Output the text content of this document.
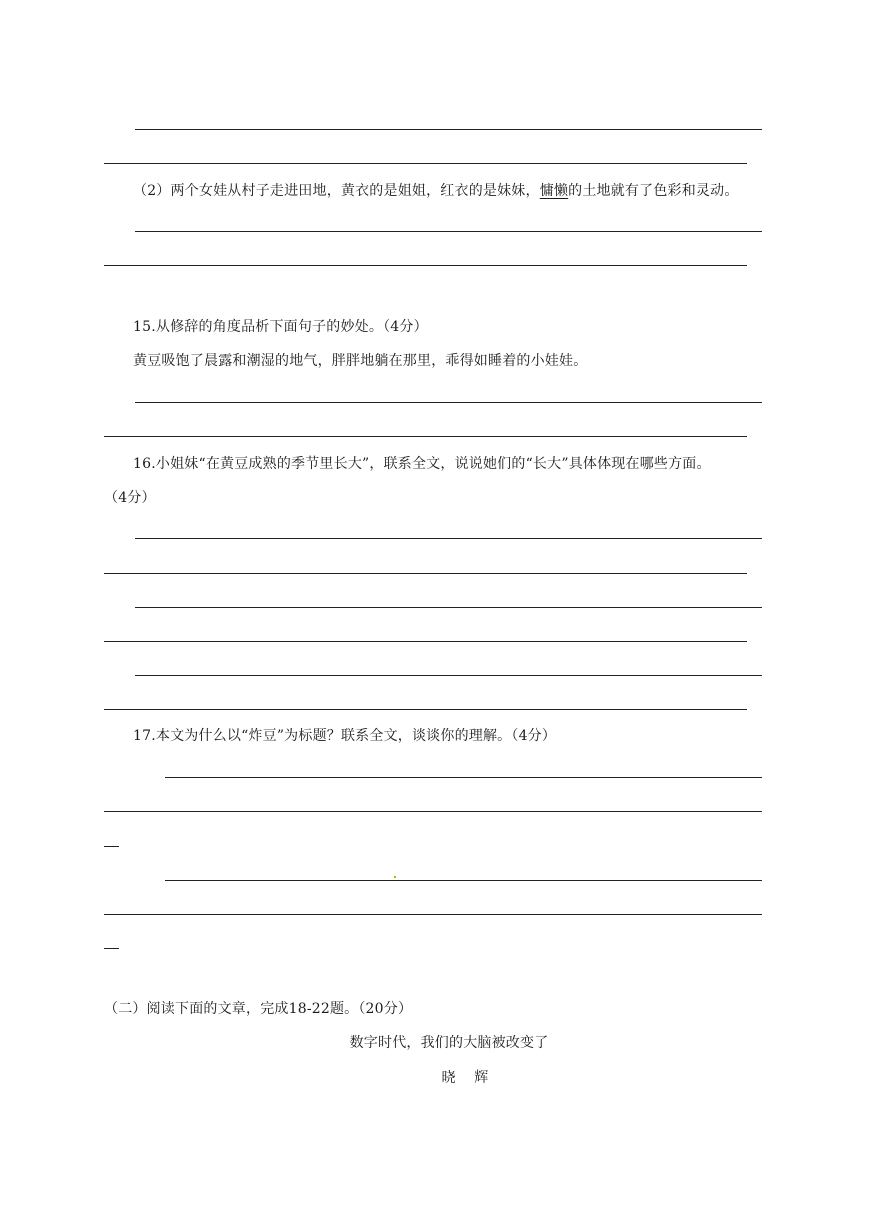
（2）两个女娃从村子走进田地，黄衣的是姐姐，红衣的是妹妹，慵懒的土地就有了色彩和灵动。
15.从修辞的角度品析下面句子的妙处。（4分）
黄豆吸饱了晨露和潮湿的地气，胖胖地躺在那里，乖得如睡着的小娃娃。
16.小姐妹“在黄豆成熟的季节里长大”，联系全文，说说她们的“长大”具体体现在哪些方面。
（4分）
17.本文为什么以“炸豆”为标题？联系全文，谈谈你的理解。（4分）
（二）阅读下面的文章，完成18-22题。（20分）
数字时代，我们的大脑被改变了
晓    辉
